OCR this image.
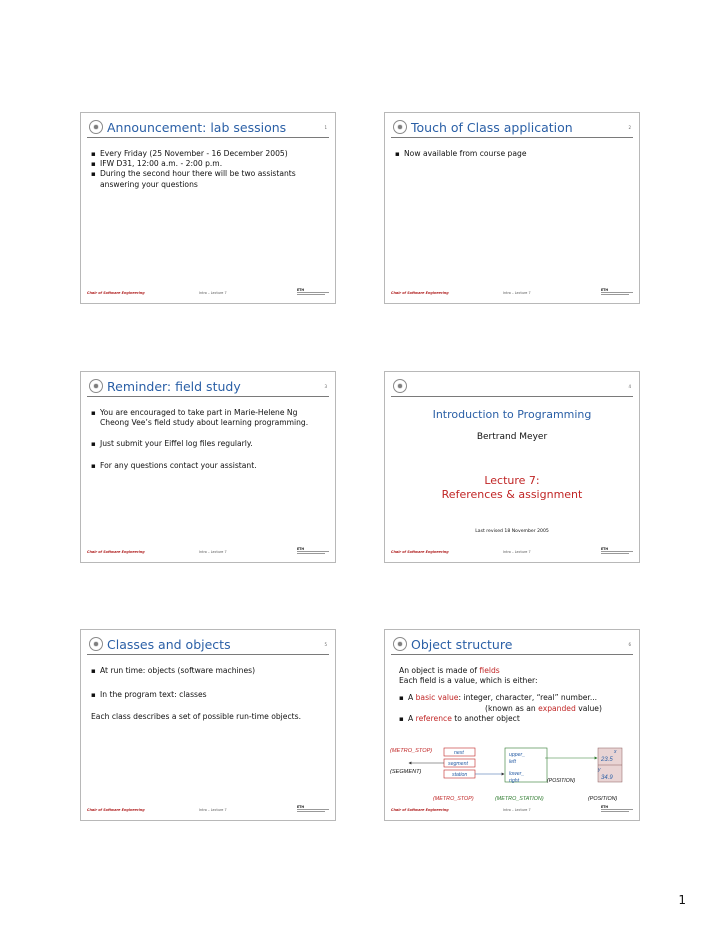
Announcement: lab sessions	1
▪ Every Friday (25 November - 16 December 2005)
▪ IFW D31, 12:00 a.m. - 2:00 p.m.
▪ During the second hour there will be two assistants answering your questions
Chair of Software Engineering	Intro – Lecture 7
ETH
Touch of Class application	2
▪ Now available from course page
Chair of Software Engineering	Intro – Lecture 7
ETH
Reminder: field study	3
▪ You are encouraged to take part in Marie-Helene Ng Cheong Vee’s field study about learning programming.
▪ Just submit your Eiffel log files regularly.
▪ For any questions contact your assistant.
Chair of Software Engineering	Intro – Lecture 7
ETH
4
Introduction to Programming
Bertrand Meyer
Lecture 7:
References & assignment
Last revised 18 November 2005
Chair of Software Engineering	Intro – Lecture 7
ETH
Classes and objects	5
▪ At run time: objects (software machines)
▪ In the program text: classes
Each class describes a set of possible run-time objects.
Chair of Software Engineering	Intro – Lecture 7
ETH
Object structure	6
An object is made of fields
Each field is a value, which is either:
▪ A basic value: integer, character, “real” number...
(known as an expanded value)
▪ A reference to another object
(METRO_STOP)	next
segment
station
(SEGMENT)
upper_
left
lower_
right	(POSITION)
x
23.5
y
34.9
(METRO_STOP)	(METRO_STATION)	(POSITION)
Chair of Software Engineering	Intro – Lecture 7
ETH
1
